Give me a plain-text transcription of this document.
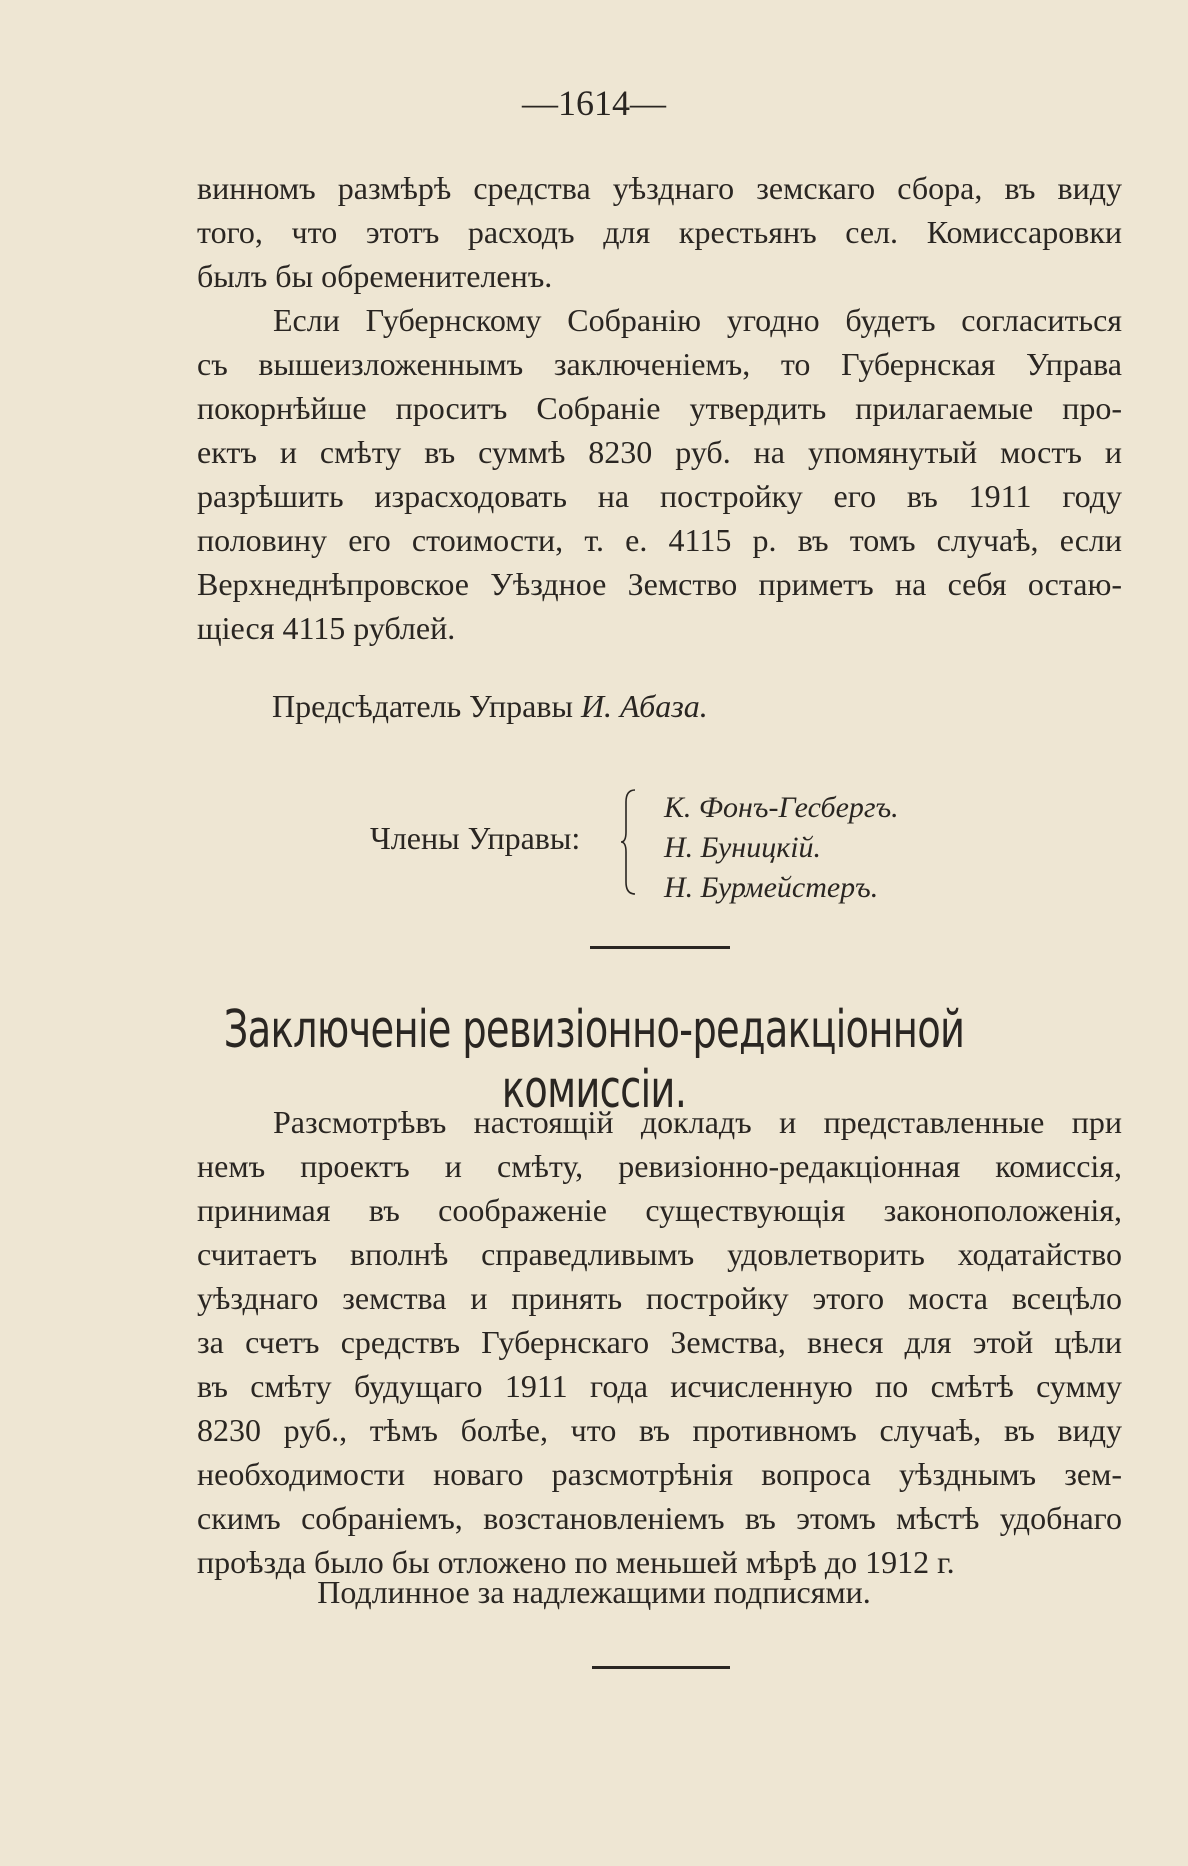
—1614—
винномъ размѣрѣ средства уѣзднаго земскаго сбора, въ виду
того, что этотъ расходъ для крестьянъ сел. Комиссаровки
былъ бы обременителенъ.
Если Губернскому Собранію угодно будетъ согласиться
съ вышеизложеннымъ заключеніемъ, то Губернская Управа
покорнѣйше проситъ Собраніе утвердить прилагаемые про-
ектъ и смѣту въ суммѣ 8230 руб. на упомянутый мостъ и
разрѣшить израсходовать на постройку его въ 1911 году
половину его стоимости, т. е. 4115 р. въ томъ случаѣ, если
Верхнеднѣпровское Уѣздное Земство приметъ на себя остаю-
щіеся 4115 рублей.
Предсѣдатель Управы И. Абаза.
Члены Управы:
К. Фонъ-Гесбергъ.
Н. Буницкій.
Н. Бурмейстеръ.
Заключеніе ревизіонно-редакціонной комиссіи.
Разсмотрѣвъ настоящій докладъ и представленные при
немъ проектъ и смѣту, ревизіонно-редакціонная комиссія,
принимая въ соображеніе существующія законоположенія,
считаетъ вполнѣ справедливымъ удовлетворить ходатайство
уѣзднаго земства и принять постройку этого моста всецѣло
за счетъ средствъ Губернскаго Земства, внеся для этой цѣли
въ смѣту будущаго 1911 года исчисленную по смѣтѣ сумму
8230 руб., тѣмъ болѣе, что въ противномъ случаѣ, въ виду
необходимости новаго разсмотрѣнія вопроса уѣзднымъ зем-
скимъ собраніемъ, возстановленіемъ въ этомъ мѣстѣ удобнаго
проѣзда было бы отложено по меньшей мѣрѣ до 1912 г.
Подлинное за надлежащими подписями.
